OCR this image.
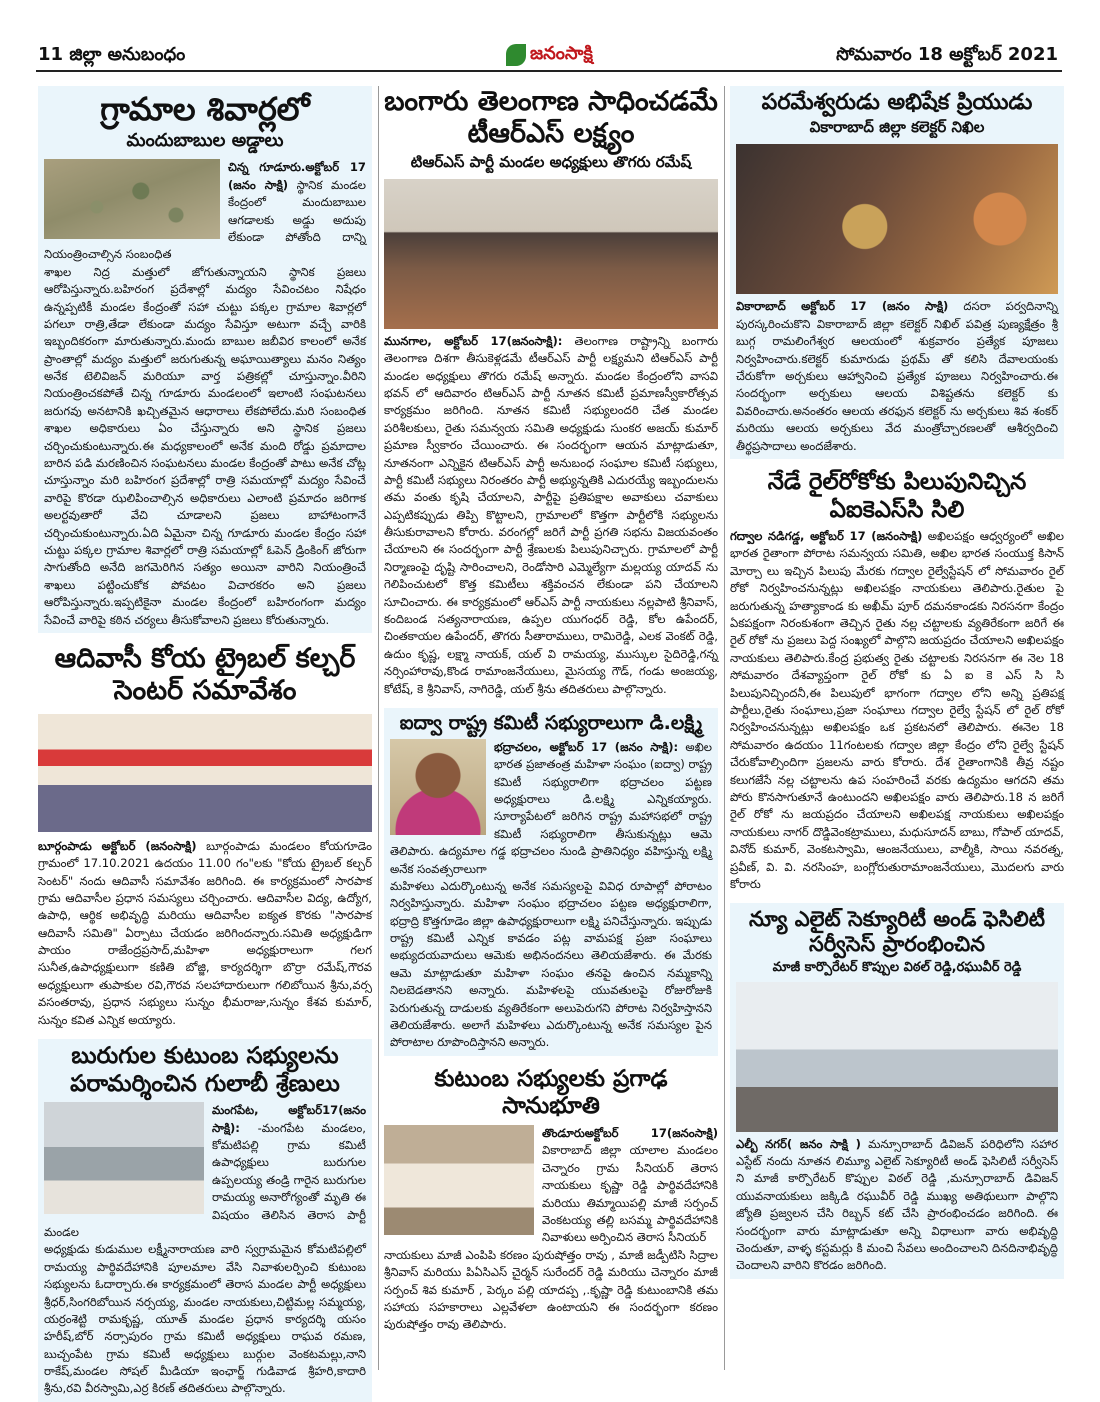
11 జిల్లా అనుబంధం	జనంసాక్షి	సోమవారం 18 అక్టోబర్ 2021
గ్రామాల శివార్లలో
మందుబాబుల అడ్డాలు

చిన్న గూడూరు.అక్టోబర్ 17 (జనం సాక్షి) స్థానిక మండల కేంద్రంలో మందుబాబుల ఆగడాలకు అడ్డు అదుపు లేకుండా పోతోంది దాన్ని నియంత్రించాల్సిన సంబంధిత

శాఖల నిద్ర మత్తులో జోగుతున్నాయని స్థానిక ప్రజలు ఆరోపిస్తున్నారు.బహిరంగ ప్రదేశాల్లో మద్యం సేవించటం నిషేధం ఉన్నప్పటికీ మండల కేంద్రంతో సహా చుట్టు పక్కల గ్రామాల శివార్లలో పగలూ రాత్రి,తేడా లేకుండా మద్యం సేవిస్తూ అటుగా వచ్చే వారికి ఇబ్బందికరంగా మారుతున్నారు.మందు బాబుల జబీవిర కాలంలో అనేక ప్రాంతాల్లో మద్యం మత్తులో జరుగుతున్న అఘాయిత్యాలు మనం నిత్యం అనేక టెలివిజన్ మరియూ వార్త పత్రికల్లో చూస్తున్నాం.వీరిని నియంత్రించకపోతే చిన్న గూడూరు మండలంలో ఇలాంటి సంఘటనలు జరుగవు అనటానికి ఖచ్చితమైన ఆధారాలు లేకపోలేదు.మరి సంబంధిత శాఖల అధికారులు ఏం చేస్తున్నారు అని స్థానిక ప్రజలు చర్చించుకుంటున్నారు.ఈ మధ్యకాలంలో అనేక మంది రోడ్డు ప్రమాదాల బారిన పడి మరణించిన సంఘటనలు మండల కేంద్రంతో పాటు అనేక చోట్ల చూస్తున్నాం మరి బహిరంగ ప్రదేశాల్లో రాత్రి సమయాల్లో మద్యం సేవించే వారిపై కొరడా ఝలిపించాల్సిన అధికారులు ఎలాంటి ప్రమాదం జరిగాక అలర్టవుతారో వేచి చూడాలని ప్రజలు బాహాటంగానే చర్చించుకుంటున్నారు.ఏది ఏమైనా చిన్న గూడూరు మండల కేంద్రం సహా చుట్టు పక్కల గ్రామాల శివార్లలో రాత్రి సమయాల్లో ఓపెన్ డ్రింకింగ్ జోరుగా సాగుతోంది అనేది జగమెరిగిన సత్యం అయినా వారిని నియంత్రించే శాఖలు పట్టించుకోక పోవటం విచారకరం అని ప్రజలు ఆరోపిస్తున్నారు.ఇప్పటికైనా మండల కేంద్రంలో బహిరంగంగా మద్యం సేవించే వారిపై కఠిన చర్యలు తీసుకోవాలని ప్రజలు కోరుతున్నారు.

ఆదివాసీ కోయ ట్రైబల్ కల్చర్ సెంటర్ సమావేశం

బూర్గంపాడు అక్టోబర్ (జనంసాక్షి) బూర్గంపాడు మండలం కోయగూడెం గ్రామంలో 17.10.2021 ఉదయం 11.00 గం"లకు "కోయ ట్రైబల్ కల్చర్ సెంటర్" నందు ఆదివాసీ సమావేశం జరిగింది. ఈ కార్యక్రమంలో సారపాక గ్రామ ఆదివాసీల ప్రధాన సమస్యలు చర్చించారు. ఆదివాసీల విద్య, ఉద్యోగ, ఉపాధి, ఆర్థిక అభివృద్ధి మరియు ఆదివాసీల ఐక్యత కొరకు "సారపాక ఆదివాసీ సమితి" ఏర్పాటు చేయడం జరిగిందన్నారు.సమితి అధ్యక్షుడిగా పాయం రాజేంద్రప్రసాద్,మహిళా అధ్యక్షురాలుగా గలగ సునీత,ఉపాధ్యక్షులుగా కణితి బోజ్జి, కార్యదర్శిగా బొర్రా రమేష్,గౌరవ అధ్యక్షులుగా తుపాకుల రవి,గౌరవ సలహాదారులుగా గలిబోయిన శ్రీను,వర్స వసంతరావు, ప్రధాన సభ్యులు సున్నం భీమరాజు,సున్నం కేశవ కుమార్, సున్నం కవిత ఎన్నిక అయ్యారు.

బురుగుల కుటుంబ సభ్యులను పరామర్శించిన గులాబీ శ్రేణులు

మంగపేట, అక్టోబర్17(జనం సాక్షి): -మంగపేట మండలం, కోమటిపల్లి గ్రామ కమిటీ ఉపాధ్యక్షులు బురుగుల ఉప్పలయ్య తండ్రి గారైన బురుగుల రామయ్య అనారోగ్యంతో మృతి ఈ విషయం తెలిసిన తెరాస పార్టీ మండల

అధ్యక్షుడు కుడుముల లక్ష్మీనారాయణ వారి స్వగ్రామమైన కోమటిపల్లిలో రామయ్య పార్థివదేహానికి పూలమాల వేసి నివాళులర్పించి కుటుంబ సభ్యులను ఓదార్చారు.ఈ కార్యక్రమంలో తెరాస మండల పార్టీ అధ్యక్షులు శ్రీధర్,సింగరిబోయిన నర్సయ్య, మండల నాయకులు,చిట్టిమల్ల సమ్మయ్య, యర్రంశెట్టి రామకృష్ణ, యూత్ మండల ప్రధాన కార్యదర్శి యసం హరీష్,బోర్ నర్సాపురం గ్రామ కమిటీ అధ్యక్షులు రాఘవ రమణ, బుచ్చంపేట గ్రామ కమిటీ అధ్యక్షులు బుర్గుల వెంకటమల్లు,నాని రాకేష్,మండల సోషల్ మీడియా ఇంఛార్జ్ గుడివాడ శ్రీహరి,కాదారి శ్రీను,రవి వీరస్వామి,ఎర్ర కిరణ్ తదితరులు పాల్గొన్నారు.

బంగారు తెలంగాణ సాధించడమే టీఆర్ఎస్ లక్ష్యం
టిఆర్ఎస్ పార్టీ మండల అధ్యక్షులు తొగరు రమేష్

మునగాల, అక్టోబర్ 17(జనంసాక్షి): తెలంగాణ రాష్ట్రాన్ని బంగారు తెలంగాణ దిశగా తీసుకెళ్లడమే టీఆర్ఎస్ పార్టీ లక్ష్యమని టిఆర్ఎస్ పార్టీ మండల అధ్యక్షులు తొగరు రమేష్ అన్నారు. మండల కేంద్రంలోని వాసవి భవన్ లో ఆదివారం టిఆర్ఎస్ పార్టీ నూతన కమిటీ ప్రమాణస్వీకారోత్సవ కార్యక్రమం జరిగింది. నూతన కమిటీ సభ్యులందరి చేత మండల పరిశీలకులు, రైతు సమన్వయ సమితి అధ్యక్షుడు సుంకర అజయ్ కుమార్ ప్రమాణ స్వీకారం చేయించారు. ఈ సందర్భంగా ఆయన మాట్లాడుతూ, నూతనంగా ఎన్నికైన టిఆర్ఎస్ పార్టీ అనుబంధ సంఘాల కమిటీ సభ్యులు, పార్టీ కమిటీ సభ్యులు నిరంతరం పార్టీ అభ్యున్నతికి ఎదురయ్యే ఇబ్బందులను తమ వంతు కృషి చేయాలని, పార్టీపై ప్రతిపక్షాల అవాకులు చవాకులు ఎప్పటికప్పుడు తిప్పి కొట్టాలని, గ్రామాలలో కొత్తగా పార్టీలోకి సభ్యులను తీసుకురావాలని కోరారు. వరంగల్లో జరిగే పార్టీ ప్రగతి సభను విజయవంతం చేయాలని ఈ సందర్భంగా పార్టీ శ్రేణులకు పిలుపునిచ్చారు. గ్రామాలలో పార్టీ నిర్మాణంపై దృష్టి సారించాలని, రెండోసారి ఎమ్మెల్యేగా మల్లయ్య యాదవ్ ను గెలిపించుటలో కొత్త కమిటీలు శక్తివంచన లేకుండా పని చేయాలని సూచించారు. ఈ కార్యక్రమంలో ఆర్ఎస్ పార్టీ నాయకులు నల్లపాటి శ్రీనివాస్, కందిబండ సత్యనారాయణ, ఉప్పల యుగంధర్ రెడ్డి, కోల ఉపేందర్, చింతకాయల ఉపేందర్, తొగరు సీతారాములు, రామిరెడ్డి, ఎలక వెంకట్ రెడ్డి, ఉదుం కృష్ణ, లక్ష్మా నాయక్, యల్ వి రామయ్య, ముస్కుల సైదిరెడ్డి,గన్న నర్సింహారావు,కొండ రామాంజనేయులు, మైసయ్య గౌడ్, గండు అంజయ్య, కోటేష్, కె శ్రీనివాస్, నాగిరెడ్డి, యల్ శ్రీను తదితరులు పాల్గొన్నారు.

ఐద్వా రాష్ట్ర కమిటీ సభ్యురాలుగా డి.లక్ష్మి

భద్రాచలం, అక్టోబర్ 17 (జనం సాక్షి): అఖిల భారత ప్రజాతంత్ర మహిళా సంఘం (ఐద్వా) రాష్ట్ర కమిటీ సభ్యురాలిగా భద్రాచలం పట్టణ అధ్యక్షురాలు డి.లక్ష్మి ఎన్నికయ్యారు. సూర్యాపేటలో జరిగిన రాష్ట్ర మహాసభలో రాష్ట్ర కమిటీ సభ్యురాలిగా తీసుకున్నట్లు ఆమె తెలిపారు. ఉద్యమాల గడ్డ భద్రాచలం నుండి ప్రాతినిధ్యం వహిస్తున్న లక్ష్మి అనేక సంవత్సరాలుగా

మహిళలు ఎదుర్కొంటున్న అనేక సమస్యలపై వివిధ రూపాల్లో పోరాటం నిర్వహిస్తున్నారు. మహిళా సంఘం భద్రాచలం పట్టణ అధ్యక్షురాలిగా, భద్రాద్రి కొత్తగూడెం జిల్లా ఉపాధ్యక్షురాలుగా లక్ష్మి పనిచేస్తున్నారు. ఇప్పుడు రాష్ట్ర కమిటీ ఎన్నిక కావడం పట్ల వామపక్ష ప్రజా సంఘాలు అభ్యుదయవాదులు ఆమెకు అభినందనలు తెలియజేశారు. ఈ మేరకు ఆమె మాట్లాడుతూ మహిళా సంఘం తనపై ఉంచిన నమ్మకాన్ని నిలబెడతానని అన్నారు. మహిళలపై యువతులపై రోజురోజుకి పెరుగుతున్న దాడులకు వ్యతిరేకంగా అలుపెరుగని పోరాట నిర్వహిస్తానని తెలియజేశారు. అలాగే మహిళలు ఎదుర్కొంటున్న అనేక సమస్యల పైన పోరాటాల రూపొందిస్తానని అన్నారు.

కుటుంబ సభ్యులకు ప్రగాఢ సానుభూతి

తొండూరుఅక్టోబర్ 17(జనంసాక్షి) వికారాబాద్ జిల్లా యాలాల మండలం చెన్నారం గ్రామ సీనియర్ తెరాస నాయకులు కృష్ణా రెడ్డి పార్థివదేహానికి మరియు తిమ్మాయిపల్లి మాజీ సర్పంచ్ వెంకటయ్య తల్లి బసమ్మ పార్థివదేహానికి నివాళులు అర్పించిన తెరాస సీనియర్

నాయకులు మాజీ ఎంపిపి కరణం పురుషోత్తం రావు , మాజీ జడ్పీటిసి సిద్రాల శ్రీనివాస్ మరియు పిఏసిఎస్ చైర్మన్ సురేందర్ రెడ్డి మరియు చెన్నారం మాజీ సర్పంచ్ శివ కుమార్ , పెర్కం పల్లి యాదప్ప ,.కృష్ణా రెడ్డి కుటుంబానికి తమ సహాయ సహకారాలు ఎల్లవేళలా ఉంటాయని ఈ సందర్భంగా కరణం పురుషోత్తం రావు తెలిపారు.

పరమేశ్వరుడు అభిషేక ప్రియుడు
వికారాబాద్ జిల్లా కలెక్టర్ నిఖిల

వికారాబాద్ అక్టోబర్ 17 (జనం సాక్షి) దసరా పర్వదినాన్ని పురస్కరించుకొని వికారాబాద్ జిల్లా కలెక్టర్ నిఖిల్ పవిత్ర పుణ్యక్షేత్రం శ్రీ బుగ్గ రామలింగేశ్వర ఆలయంలో శుక్రవారం ప్రత్యేక పూజలు నిర్వహించారు.కలెక్టర్ కుమారుడు ప్రథమ్ తో కలిసి దేవాలయంకు చేరుకోగా అర్చకులు ఆహ్వానించి ప్రత్యేక పూజలు నిర్వహించారు.ఈ సందర్భంగా అర్చకులు ఆలయ విశిష్టతను కలెక్టర్ కు వివరించారు.అనంతరం ఆలయ తరఫున కలెక్టర్ ను అర్చకులు శివ శంకర్ మరియు ఆలయ అర్చకులు వేద మంత్రోచ్చారణలతో ఆశీర్వదించి తీర్థప్రసాదాలు అందజేశారు.

నేడే రైల్‌రోకోకు పిలుపునిచ్చిన ఏఐకెఎస్‌సి సిలి

గద్వాల నడిగడ్డ, అక్టోబర్ 17 (జనంసాక్షి) అఖిలపక్షం ఆధ్వర్యంలో అఖిల భారత రైతాంగా పోరాట సమన్వయ సమితి, అఖిల భారత సంయుక్త కిసాన్ మోర్చా లు ఇచ్చిన పిలుపు మేరకు గద్వాల రైల్వేస్టేషన్ లో సోమవారం రైల్ రోకో నిర్వహించనున్నట్లు అఖిలపక్షం నాయకులు తెలిపారు.రైతుల పై జరుగుతున్న హత్యాకాండ కు అఖీమ్ పూర్ దమనకాండకు నిరసనగా కేంద్రం ఏకపక్షంగా నిరంకుశంగా తెచ్చిన రైతు నల్ల చట్టాలకు వ్యతిరేకంగా జరిగే ఈ రైల్ రోకో ను ప్రజలు పెద్ద సంఖ్యలో పాల్గొని జయప్రదం చేయాలని అఖిలపక్షం నాయకులు తెలిపారు.కేంద్ర ప్రభుత్వ రైతు చట్టాలకు నిరసనగా ఈ నెల 18 సోమవారం దేశవ్యాప్తంగా రైల్ రోకో కు ఏ ఐ కె ఎస్ సి సి పిలుపునిచ్చిందనీ,ఈ పిలుపులో భాగంగా గద్వాల లోని అన్ని ప్రతిపక్ష పార్టీలు,రైతు సంఘాలు,ప్రజా సంఘాలు గద్వాల రైల్వే స్టేషన్ లో రైల్ రోకో నిర్వహించనున్నట్లు అఖిలపక్షం ఒక ప్రకటనలో తెలిపారు. ఈనెల 18 సోమవారం ఉదయం 11గంటలకు గద్వాల జిల్లా కేంద్రం లోని రైల్వే స్టేషన్ చేరుకోవాల్సిందిగా ప్రజలను వారు కోరారు. దేశ రైతాంగానికి తీవ్ర నష్టం కలుగజేసే నల్ల చట్టాలను ఉప సంహరించే వరకు ఉద్యమం ఆగదని తమ పోరు కొనసాగుతూనే ఉంటుందని అఖిలపక్షం వారు తెలిపారు.18 న జరిగే రైల్ రోకో ను జయప్రదం చేయాలని అఖిలపక్ష నాయకులు అఖిలపక్షం నాయకులు నాగర్ దొడ్డివెంకట్రాములు, మధుసూదన్ బాబు, గోపాల్ యాదవ్, వినోద్ కుమార్, వెంకటస్వామి, ఆంజనేయులు, వాల్మీకి, సాయి నవరత్న, ప్రవీణ్, వి. వి. నరసింహ, బంగ్లోరుతురామాంజనేయులు, మొదలగు వారు కోరారు

న్యూ ఎలైట్ సెక్యూరిటీ అండ్ ఫెసిలిటీ సర్వీసెస్ ప్రారంభించిన
మాజీ కార్పొరేటర్ కొప్పుల విఠల్ రెడ్డి,రఘువీర్ రెడ్డి

ఎల్బీ నగర్( జనం సాక్షి ) మన్సూరాబాద్ డివిజన్ పరిధిలోని సహార ఎస్టేట్ నందు నూతన లిమ్యూ ఎలైట్ సెక్యూరిటీ అండ్ ఫెసిలిటీ సర్వీసెస్ ని మాజీ కార్పొరేటర్ కొప్పుల విఠల్ రెడ్డి ,మన్సూరాబాద్ డివిజన్ యువనాయకులు జక్కిడి రఘువీర్ రెడ్డి ముఖ్య అతిథులుగా పాల్గొని జ్యోతి ప్రజ్వలన చేసి రిబ్బన్ కట్ చేసి ప్రారంభించడం జరిగింది. ఈ సందర్భంగా వారు మాట్లాడుతూ అన్ని విధాలుగా వారు అభివృద్ధి చెందుతూ, వాళ్ళ కస్టమర్లు కి మంచి సేవలు అందించాలని దినదినాభివృద్ధి చెందాలని వారిని కొరడం జరిగింది.
